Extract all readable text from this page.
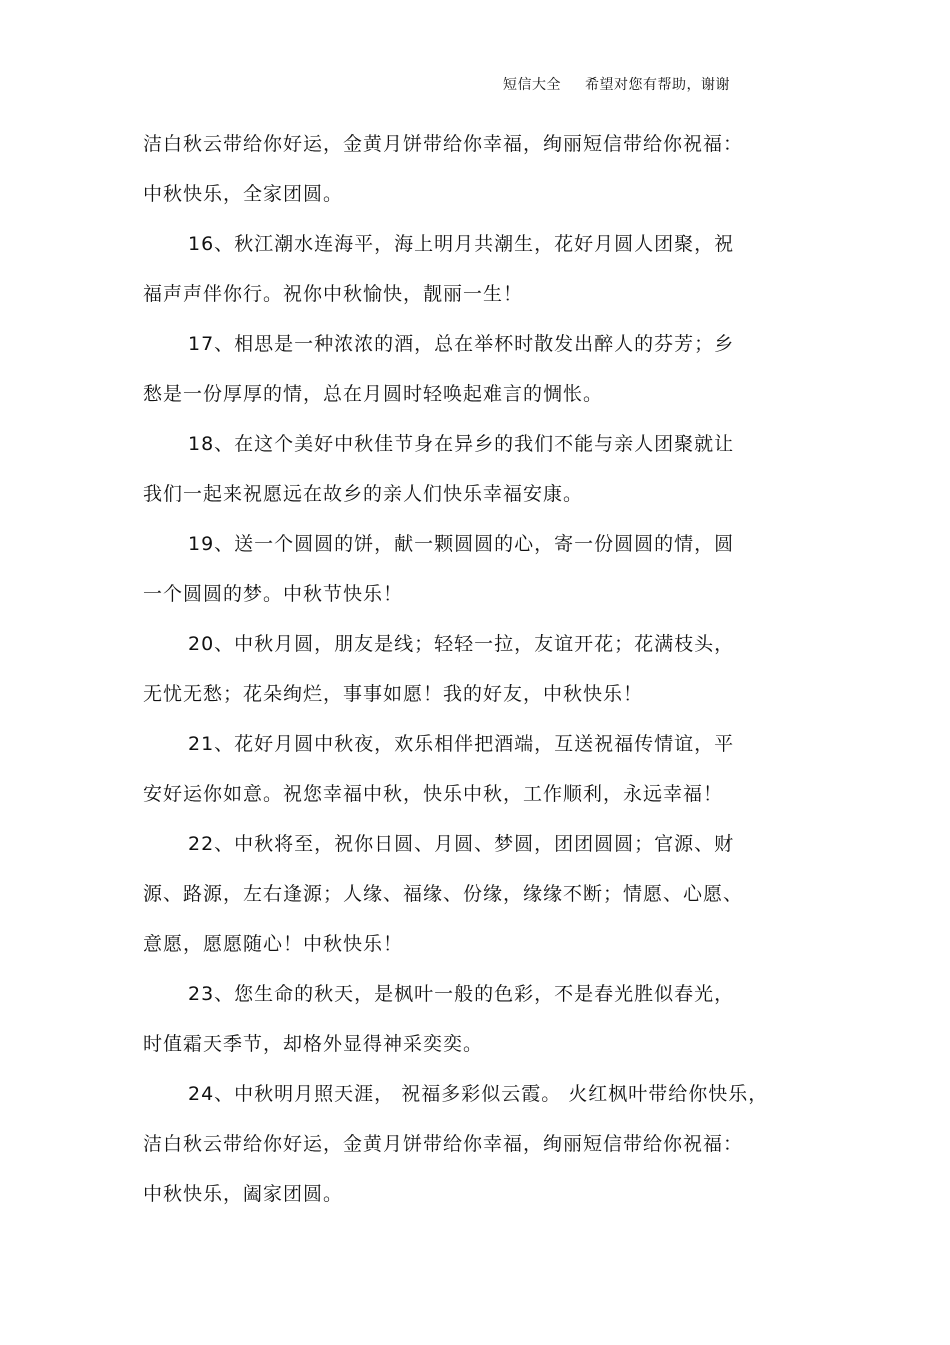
短信大全 希望对您有帮助，谢谢
洁白秋云带给你好运，金黄月饼带给你幸福，绚丽短信带给你祝福：
中秋快乐，全家团圆。
16、秋江潮水连海平，海上明月共潮生，花好月圆人团聚，祝
福声声伴你行。祝你中秋愉快，靓丽一生！
17、相思是一种浓浓的酒，总在举杯时散发出醉人的芬芳；乡
愁是一份厚厚的情，总在月圆时轻唤起难言的惆怅。
18、在这个美好中秋佳节身在异乡的我们不能与亲人团聚就让
我们一起来祝愿远在故乡的亲人们快乐幸福安康。
19、送一个圆圆的饼，献一颗圆圆的心，寄一份圆圆的情，圆
一个圆圆的梦。中秋节快乐！
20、中秋月圆，朋友是线；轻轻一拉，友谊开花；花满枝头，
无忧无愁；花朵绚烂，事事如愿！我的好友，中秋快乐！
21、花好月圆中秋夜，欢乐相伴把酒端，互送祝福传情谊，平
安好运你如意。祝您幸福中秋，快乐中秋，工作顺利，永远幸福！
22、中秋将至，祝你日圆、月圆、梦圆，团团圆圆；官源、财
源、路源，左右逢源；人缘、福缘、份缘，缘缘不断；情愿、心愿、
意愿，愿愿随心！中秋快乐！
23、您生命的秋天，是枫叶一般的色彩，不是春光胜似春光，
时值霜天季节，却格外显得神采奕奕。
24、中秋明月照天涯， 祝福多彩似云霞。 火红枫叶带给你快乐，
洁白秋云带给你好运，金黄月饼带给你幸福，绚丽短信带给你祝福：
中秋快乐，阖家团圆。
